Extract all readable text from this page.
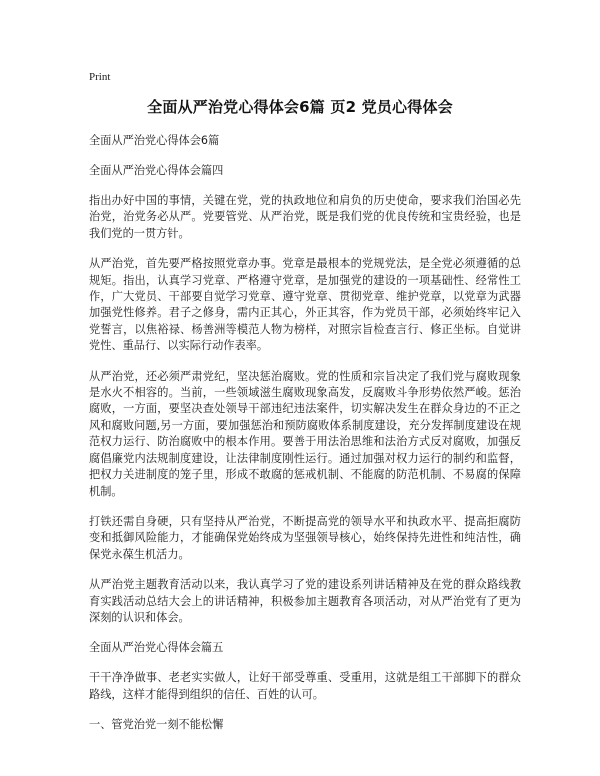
Print
全面从严治党心得体会6篇 页2 党员心得体会

全面从严治党心得体会6篇

全面从严治党心得体会篇四

指出办好中国的事情，关键在党，党的执政地位和肩负的历史使命，要求我们治国必先治党，治党务必从严。党要管党、从严治党，既是我们党的优良传统和宝贵经验，也是我们党的一贯方针。

从严治党，首先要严格按照党章办事。党章是最根本的党规党法，是全党必须遵循的总规矩。指出，认真学习党章、严格遵守党章，是加强党的建设的一项基础性、经常性工作，广大党员、干部要自觉学习党章、遵守党章、贯彻党章、维护党章，以党章为武器加强党性修养。君子之修身，需内正其心，外正其容，作为党员干部，必须始终牢记入党誓言，以焦裕禄、杨善洲等模范人物为榜样，对照宗旨检查言行、修正坐标。自觉讲党性、重品行、以实际行动作表率。

从严治党，还必须严肃党纪，坚决惩治腐败。党的性质和宗旨决定了我们党与腐败现象是水火不相容的。当前，一些领域滋生腐败现象高发，反腐败斗争形势依然严峻。惩治腐败，一方面，要坚决查处领导干部违纪违法案件，切实解决发生在群众身边的不正之风和腐败问题,另一方面，要加强惩治和预防腐败体系制度建设，充分发挥制度建设在规范权力运行、防治腐败中的根本作用。要善于用法治思维和法治方式反对腐败，加强反腐倡廉党内法规制度建设，让法律制度刚性运行。通过加强对权力运行的制约和监督，把权力关进制度的笼子里，形成不敢腐的惩戒机制、不能腐的防范机制、不易腐的保障机制。

打铁还需自身硬，只有坚持从严治党，不断提高党的领导水平和执政水平、提高拒腐防变和抵御风险能力，才能确保党始终成为坚强领导核心，始终保持先进性和纯洁性，确保党永葆生机活力。

从严治党主题教育活动以来，我认真学习了党的建设系列讲话精神及在党的群众路线教育实践活动总结大会上的讲话精神，积极参加主题教育各项活动，对从严治党有了更为深刻的认识和体会。

全面从严治党心得体会篇五

干干净净做事、老老实实做人，让好干部受尊重、受重用，这就是组工干部脚下的群众路线，这样才能得到组织的信任、百姓的认可。

一、管党治党一刻不能松懈
